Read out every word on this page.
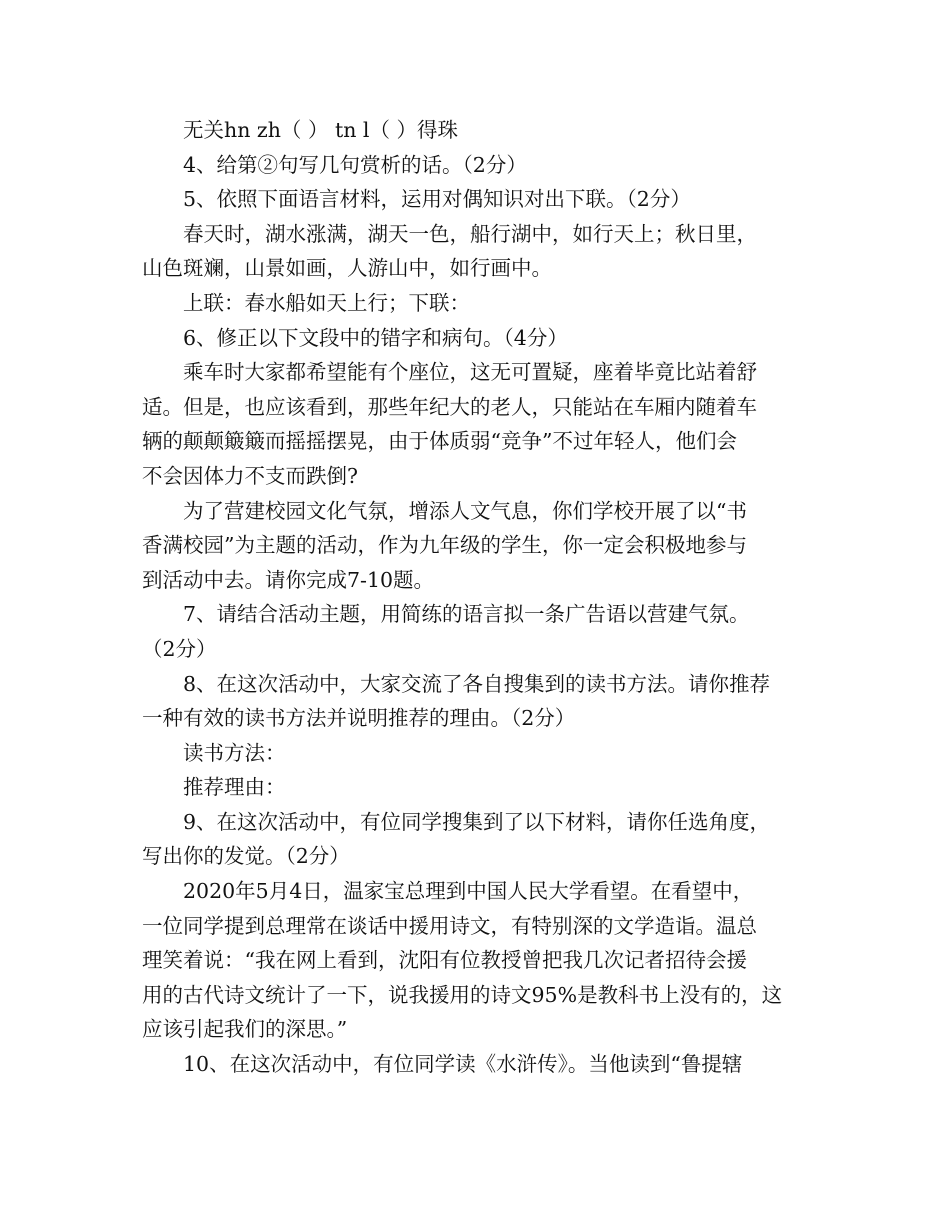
无关hn zh（ ） tn l（ ）得珠
4、给第②句写几句赏析的话。（2分）
5、依照下面语言材料，运用对偶知识对出下联。（2分）
春天时，湖水涨满，湖天一色，船行湖中，如行天上；秋日里，
山色斑斓，山景如画，人游山中，如行画中。
上联：春水船如天上行；下联：
6、修正以下文段中的错字和病句。（4分）
乘车时大家都希望能有个座位，这无可置疑，座着毕竟比站着舒
适。但是，也应该看到，那些年纪大的老人，只能站在车厢内随着车
辆的颠颠簸簸而摇摇摆晃，由于体质弱“竞争”不过年轻人，他们会
不会因体力不支而跌倒?
为了营建校园文化气氛，增添人文气息，你们学校开展了以“书
香满校园”为主题的活动，作为九年级的学生，你一定会积极地参与
到活动中去。请你完成7-10题。
7、请结合活动主题，用简练的语言拟一条广告语以营建气氛。
（2分）
8、在这次活动中，大家交流了各自搜集到的读书方法。请你推荐
一种有效的读书方法并说明推荐的理由。（2分）
读书方法：
推荐理由：
9、在这次活动中，有位同学搜集到了以下材料，请你任选角度，
写出你的发觉。（2分）
2020年5月4日，温家宝总理到中国人民大学看望。在看望中，
一位同学提到总理常在谈话中援用诗文，有特别深的文学造诣。温总
理笑着说：“我在网上看到，沈阳有位教授曾把我几次记者招待会援
用的古代诗文统计了一下，说我援用的诗文95%是教科书上没有的，这
应该引起我们的深思。”
10、在这次活动中，有位同学读《水浒传》。当他读到“鲁提辖
